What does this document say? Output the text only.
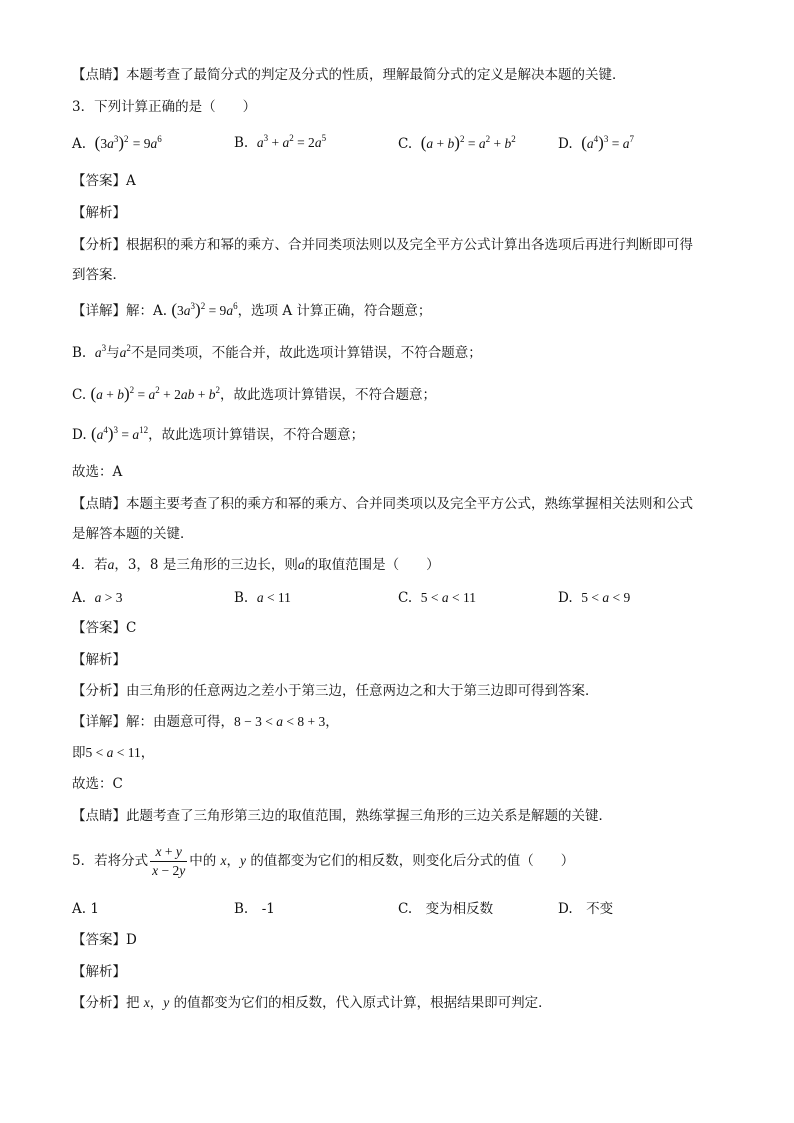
【点睛】本题考查了最简分式的判定及分式的性质，理解最简分式的定义是解决本题的关键．
3．下列计算正确的是（　　）
A. $(3a^3)^2 = 9a^6$	B. $a^3 + a^2 = 2a^5$	C. $(a + b)^2 = a^2 + b^2$	D. $(a^4)^3 = a^7$
【答案】A
【解析】
【分析】根据积的乘方和幂的乘方、合并同类项法则以及完全平方公式计算出各选项后再进行判断即可得
到答案．
【详解】解：A. $(3a^3)^2 = 9a^6$，选项 A 计算正确，符合题意；
B. $a^3$与$a^2$不是同类项，不能合并，故此选项计算错误，不符合题意；
C. $(a + b)^2 = a^2 + 2ab + b^2$，故此选项计算错误，不符合题意；
D. $(a^4)^3 = a^{12}$，故此选项计算错误，不符合题意；
故选：A
【点睛】本题主要考查了积的乘方和幂的乘方、合并同类项以及完全平方公式，熟练掌握相关法则和公式
是解答本题的关键．
4．若a，3，8 是三角形的三边长，则a的取值范围是（　　）
A. a > 3	B. a < 11	C. 5 < a < 11	D. 5 < a < 9
【答案】C
【解析】
【分析】由三角形的任意两边之差小于第三边，任意两边之和大于第三边即可得到答案．
【详解】解：由题意可得，8 − 3 < a < 8 + 3，
即5 < a < 11，
故选：C
【点睛】此题考查了三角形第三边的取值范围，熟练掌握三角形的三边关系是解题的关键．
5．若将分式 $\frac{x + y}{x - 2y}$ 中的 x，y 的值都变为它们的相反数，则变化后分式的值（　　）
A. 1	B.　-1	C.　变为相反数	D.　不变
【答案】D
【解析】
【分析】把 x，y 的值都变为它们的相反数，代入原式计算，根据结果即可判定．
